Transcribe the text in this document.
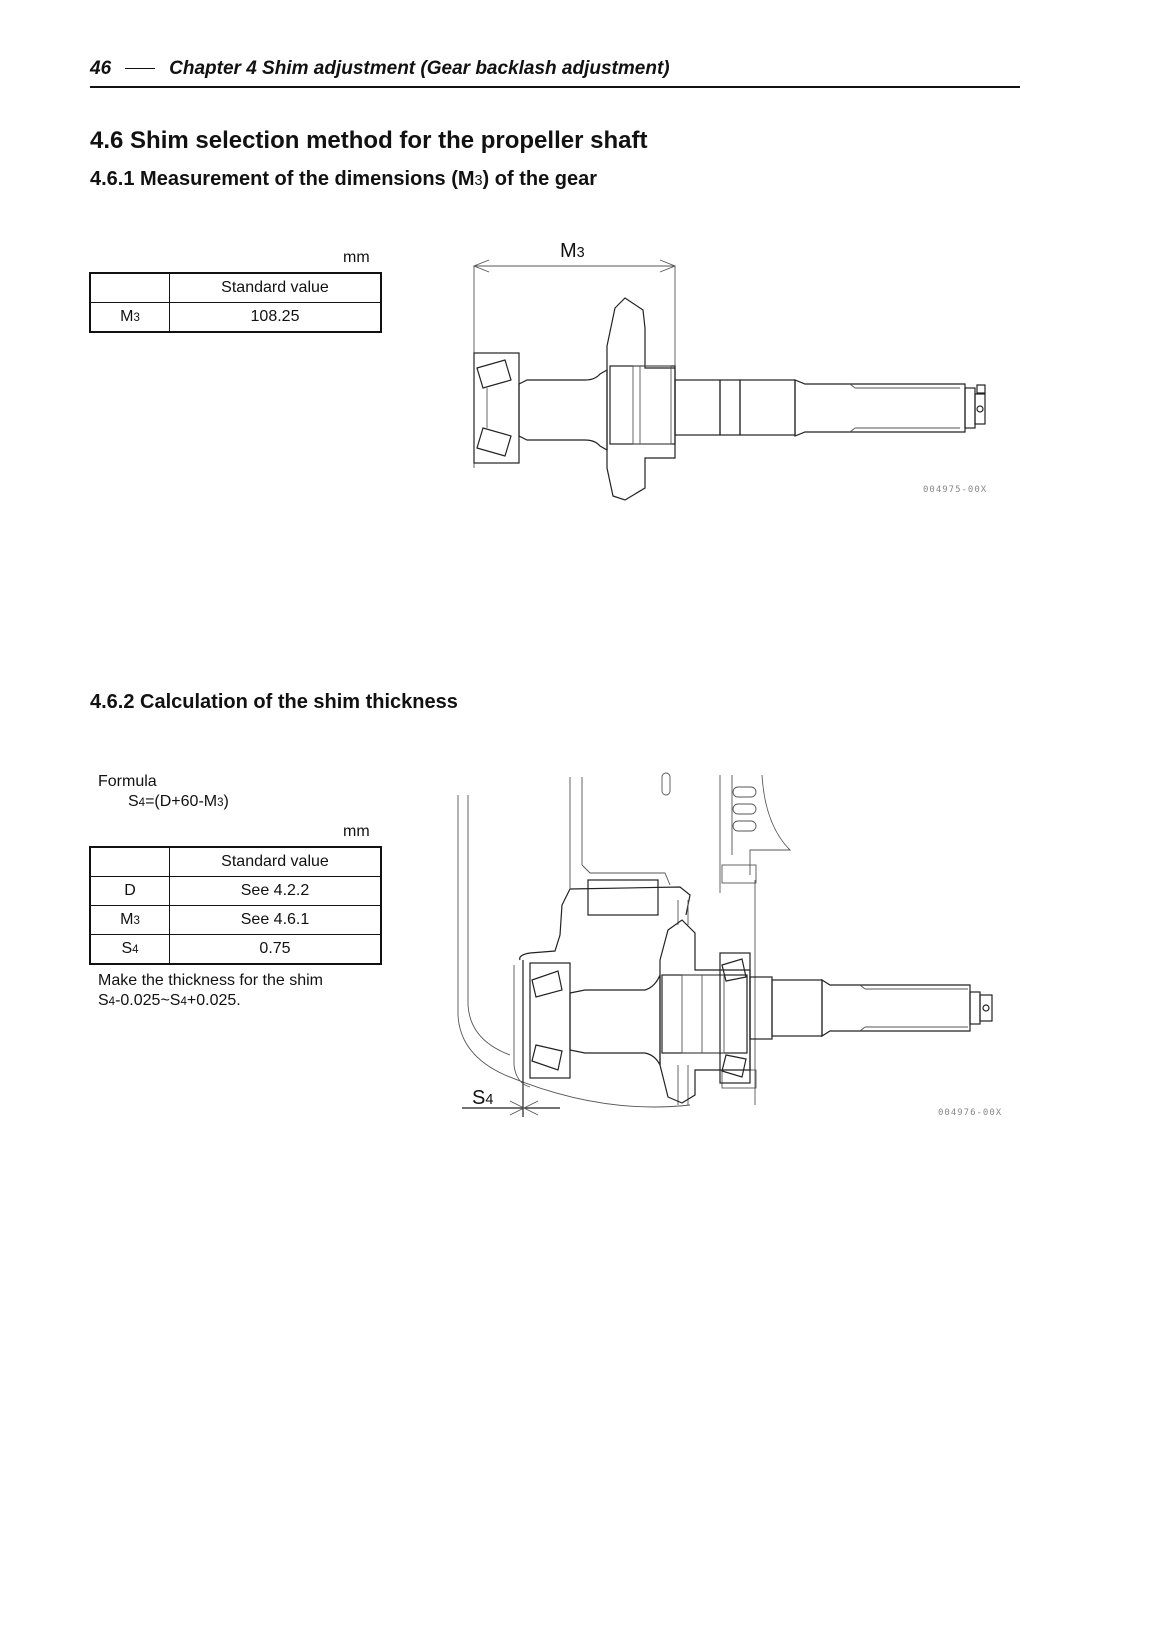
46	Chapter 4 Shim adjustment (Gear backlash adjustment)
4.6 Shim selection method for the propeller shaft
4.6.1 Measurement of the dimensions (M3) of the gear
mm
	Standard value
M3	108.25
M3
004975-00X
4.6.2 Calculation of the shim thickness
Formula
S4=(D+60-M3)
mm
	Standard value
D	See 4.2.2
M3	See 4.6.1
S4	0.75
Make the thickness for the shim
S4-0.025~S4+0.025.
S4
004976-00X
